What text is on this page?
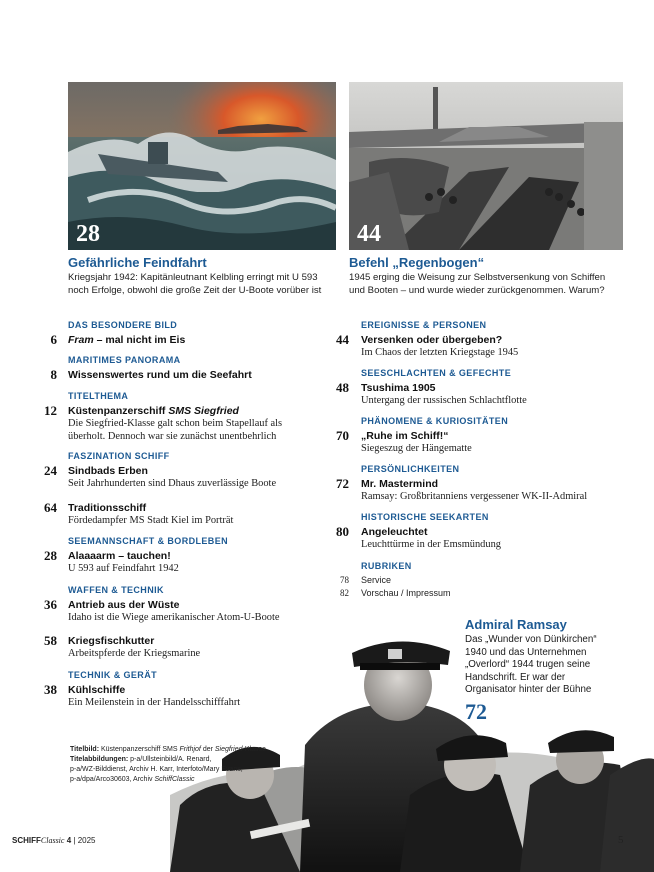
28	44
Gefährliche Feindfahrt
Kriegsjahr 1942: Kapitänleutnant Kelbling erringt mit U 593
noch Erfolge, obwohl die große Zeit der U-Boote vorüber ist
Befehl „Regenbogen“
1945 erging die Weisung zur Selbstversenkung von Schiffen
und Booten – und wurde wieder zurückgenommen. Warum?
DAS BESONDERE BILD
6 Fram – mal nicht im Eis
MARITIMES PANORAMA
8 Wissenswertes rund um die Seefahrt
TITELTHEMA
12 Küstenpanzerschiff SMS Siegfried
Die Siegfried-Klasse galt schon beim Stapellauf als
überholt. Dennoch war sie zunächst unentbehrlich
FASZINATION SCHIFF
24 Sindbads Erben
Seit Jahrhunderten sind Dhaus zuverlässige Boote
64 Traditionsschiff
Fördedampfer MS Stadt Kiel im Porträt
SEEMANNSCHAFT & BORDLEBEN
28 Alaaaarm – tauchen!
U 593 auf Feindfahrt 1942
WAFFEN & TECHNIK
36 Antrieb aus der Wüste
Idaho ist die Wiege amerikanischer Atom-U-Boote
58 Kriegsfischkutter
Arbeitspferde der Kriegsmarine
TECHNIK & GERÄT
38 Kühlschiffe
Ein Meilenstein in der Handelsschifffahrt
EREIGNISSE & PERSONEN
44 Versenken oder übergeben?
Im Chaos der letzten Kriegstage 1945
SEESCHLACHTEN & GEFECHTE
48 Tsushima 1905
Untergang der russischen Schlachtflotte
PHÄNOMENE & KURIOSITÄTEN
70 „Ruhe im Schiff!“
Siegeszug der Hängematte
PERSÖNLICHKEITEN
72 Mr. Mastermind
Ramsay: Großbritanniens vergessener WK-II-Admiral
HISTORISCHE SEEKARTEN
80 Angeleuchtet
Leuchttürme in der Emsmündung
RUBRIKEN
78 Service
82 Vorschau / Impressum
Admiral Ramsay
Das „Wunder von Dünkirchen“
1940 und das Unternehmen
„Overlord“ 1944 trugen seine
Handschrift. Er war der
Organisator hinter der Bühne
72
Titelbild: Küstenpanzerschiff SMS Frithjof der Siegfried-Klasse
Titelabbildungen: p-a/Ullsteinbild/A. Renard,
p-a/WZ-Bilddienst, Archiv H. Karr, Interfoto/Mary Evans,
p-a/dpa/Arco30603, Archiv SchiffClassic
SCHIFFClassic 4 | 2025	5
